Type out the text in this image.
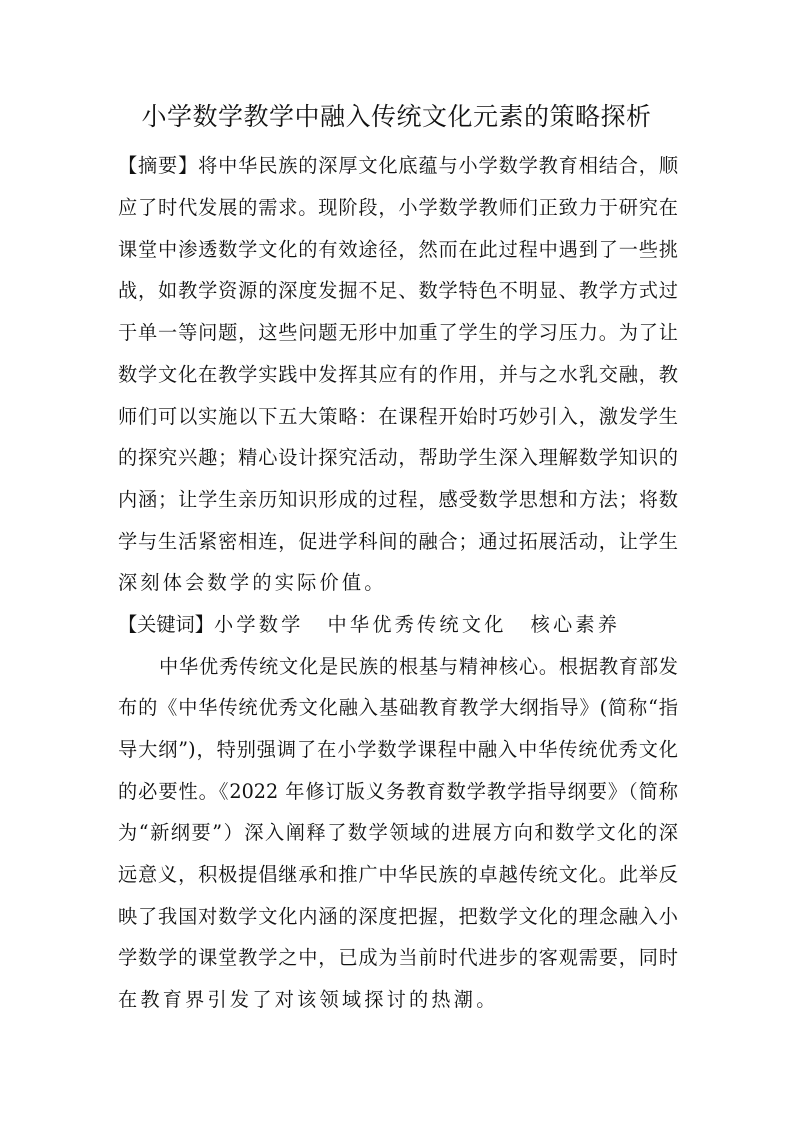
小学数学教学中融入传统文化元素的策略探析
【摘要】将中华民族的深厚文化底蕴与小学数学教育相结合，顺
应了时代发展的需求。现阶段，小学数学教师们正致力于研究在
课堂中渗透数学文化的有效途径，然而在此过程中遇到了一些挑
战，如教学资源的深度发掘不足、数学特色不明显、教学方式过
于单一等问题，这些问题无形中加重了学生的学习压力。为了让
数学文化在教学实践中发挥其应有的作用，并与之水乳交融，教
师们可以实施以下五大策略：在课程开始时巧妙引入，激发学生
的探究兴趣；精心设计探究活动，帮助学生深入理解数学知识的
内涵；让学生亲历知识形成的过程，感受数学思想和方法；将数
学与生活紧密相连，促进学科间的融合；通过拓展活动，让学生
深刻体会数学的实际价值。
【关键词】小学数学 中华优秀传统文化 核心素养
中华优秀传统文化是民族的根基与精神核心。根据教育部发
布的《中华传统优秀文化融入基础教育教学大纲指导》(简称“指
导大纲”)，特别强调了在小学数学课程中融入中华传统优秀文化
的必要性。《2022 年修订版义务教育数学教学指导纲要》（简称
为“新纲要”）深入阐释了数学领域的进展方向和数学文化的深
远意义，积极提倡继承和推广中华民族的卓越传统文化。此举反
映了我国对数学文化内涵的深度把握，把数学文化的理念融入小
学数学的课堂教学之中，已成为当前时代进步的客观需要，同时
在教育界引发了对该领域探讨的热潮。
